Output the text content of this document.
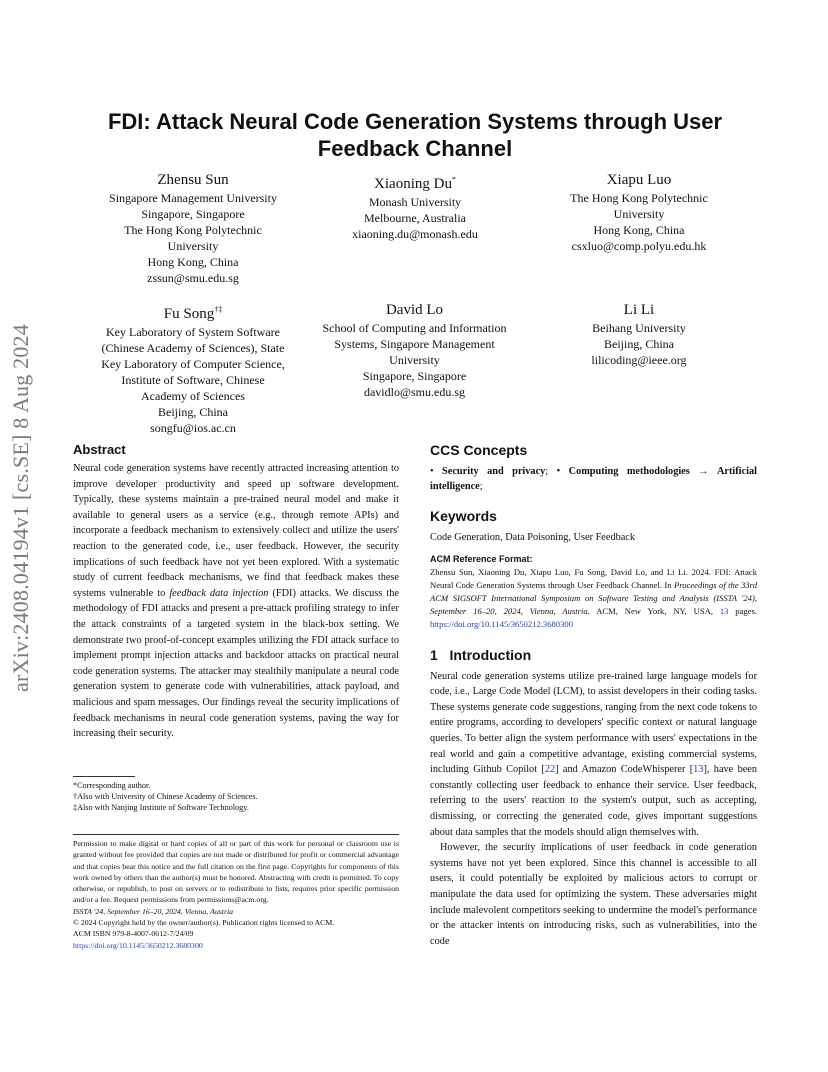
arXiv:2408.04194v1 [cs.SE] 8 Aug 2024
FDI: Attack Neural Code Generation Systems through User Feedback Channel
Zhensu Sun
Singapore Management University
Singapore, Singapore
The Hong Kong Polytechnic
University
Hong Kong, China
zssun@smu.edu.sg
Xiaoning Du*
Monash University
Melbourne, Australia
xiaoning.du@monash.edu
Xiapu Luo
The Hong Kong Polytechnic
University
Hong Kong, China
csxluo@comp.polyu.edu.hk
Fu Song†‡
Key Laboratory of System Software
(Chinese Academy of Sciences), State
Key Laboratory of Computer Science,
Institute of Software, Chinese
Academy of Sciences
Beijing, China
songfu@ios.ac.cn
David Lo
School of Computing and Information
Systems, Singapore Management
University
Singapore, Singapore
davidlo@smu.edu.sg
Li Li
Beihang University
Beijing, China
lilicoding@ieee.org
Abstract
Neural code generation systems have recently attracted increasing attention to improve developer productivity and speed up software development. Typically, these systems maintain a pre-trained neural model and make it available to general users as a service (e.g., through remote APIs) and incorporate a feedback mechanism to extensively collect and utilize the users' reaction to the generated code, i.e., user feedback. However, the security implications of such feedback have not yet been explored. With a systematic study of current feedback mechanisms, we find that feedback makes these systems vulnerable to feedback data injection (FDI) attacks. We discuss the methodology of FDI attacks and present a pre-attack profiling strategy to infer the attack constraints of a targeted system in the black-box setting. We demonstrate two proof-of-concept examples utilizing the FDI attack surface to implement prompt injection attacks and backdoor attacks on practical neural code generation systems. The attacker may stealthily manipulate a neural code generation system to generate code with vulnerabilities, attack payload, and malicious and spam messages. Our findings reveal the security implications of feedback mechanisms in neural code generation systems, paving the way for increasing their security.
*Corresponding author.
†Also with University of Chinese Academy of Sciences.
‡Also with Nanjing Institute of Software Technology.
Permission to make digital or hard copies of all or part of this work for personal or classroom use is granted without fee provided that copies are not made or distributed for profit or commercial advantage and that copies bear this notice and the full citation on the first page. Copyrights for components of this work owned by others than the author(s) must be honored. Abstracting with credit is permitted. To copy otherwise, or republish, to post on servers or to redistribute to lists, requires prior specific permission and/or a fee. Request permissions from permissions@acm.org.
ISSTA '24, September 16–20, 2024, Vienna, Austria
© 2024 Copyright held by the owner/author(s). Publication rights licensed to ACM.
ACM ISBN 979-8-4007-0612-7/24/09
https://doi.org/10.1145/3650212.3680300
CCS Concepts
• Security and privacy; • Computing methodologies → Artificial intelligence;
Keywords
Code Generation, Data Poisoning, User Feedback
ACM Reference Format:
Zhensu Sun, Xiaoning Du, Xiapu Luo, Fu Song, David Lo, and Li Li. 2024. FDI: Attack Neural Code Generation Systems through User Feedback Channel. In Proceedings of the 33rd ACM SIGSOFT International Symposium on Software Testing and Analysis (ISSTA '24), September 16–20, 2024, Vienna, Austria. ACM, New York, NY, USA, 13 pages. https://doi.org/10.1145/3650212.3680300
1 Introduction
Neural code generation systems utilize pre-trained large language models for code, i.e., Large Code Model (LCM), to assist developers in their coding tasks. These systems generate code suggestions, ranging from the next code tokens to entire programs, according to developers' specific context or natural language queries. To better align the system performance with users' expectations in the real world and gain a competitive advantage, existing commercial systems, including Github Copilot [22] and Amazon CodeWhisperer [13], have been constantly collecting user feedback to enhance their service. User feedback, referring to the users' reaction to the system's output, such as accepting, dismissing, or correcting the generated code, gives important suggestions about data samples that the models should align themselves with.
However, the security implications of user feedback in code generation systems have not yet been explored. Since this channel is accessible to all users, it could potentially be exploited by malicious actors to corrupt or manipulate the data used for optimizing the system. These adversaries might include malevolent competitors seeking to undermine the model's performance or the attacker intents on introducing risks, such as vulnerabilities, into the code
